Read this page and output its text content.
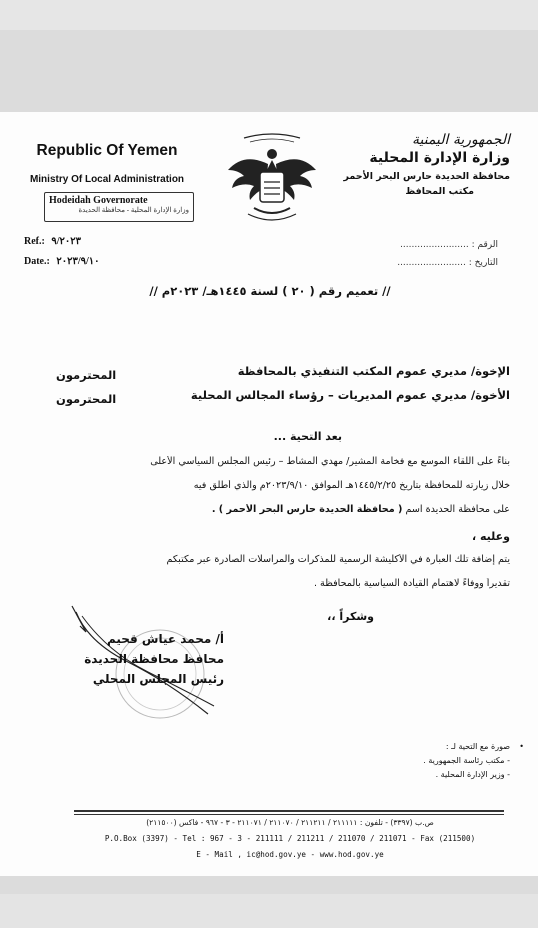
Republic Of Yemen
Ministry Of Local Administration
Hodeidah Governorate
وزارة الإدارة المحلية - محافظة الحديدة
Ref.: ٩/٢٠٢٣
Date.: ٢٠٢٣/٩/١٠
الجمهورية اليمنية
وزارة الإدارة المحلية
محافظة الحديدة حارس البحر الأحمر
مكتب المحافظ
الرقم : ........................
التاريخ : ........................
// تعميم رقم ( ٢٠ ) لسنة ١٤٤٥هـ/ ٢٠٢٣م //
الإخوة/ مديري عموم المكتب التنفيذي بالمحافظة
المحترمون
الأخوة/ مديري عموم المديريات – رؤساء المجالس المحلية
المحترمون
بعد التحية ...
بناءً على اللقاء الموسع مع فخامة المشير/ مهدي المشاط – رئيس المجلس السياسي الأعلى
خلال زيارته للمحافظة بتاريخ ١٤٤٥/٢/٢٥هـ الموافق ٢٠٢٣/٩/١٠م والذي أطلق فيه
على محافظة الحديدة اسم ( محافظة الحديدة حارس البحر الأحمر ) .
وعليه ،
يتم إضافة تلك العبارة في الأكليشة الرسمية للمذكرات والمراسلات الصادرة عبر مكتبكم
تقديراً ووفاءً لاهتمام القيادة السياسية بالمحافظة .
وشكراً ،،
أ/ محمد عياش قحيم
محافظ محافظة الحديدة
رئيس المجلس المحلي
•
صورة مع التحية لـ :
- مكتب رئاسة الجمهورية .
- وزير الإدارة المحلية .
ص.ب (٣٣٩٧) - تلفون : ٢١١١١١ / ٢١١٢١١ / ٢١١٠٧٠ / ٢١١٠٧١ - ٣ - ٩٦٧ - فاكس (٢١١٥٠٠)
P.O.Box (3397) - Tel : 967 - 3 - 211111 / 211211 / 211070 / 211071 - Fax (211500)
E - Mail , ic@hod.gov.ye - www.hod.gov.ye
